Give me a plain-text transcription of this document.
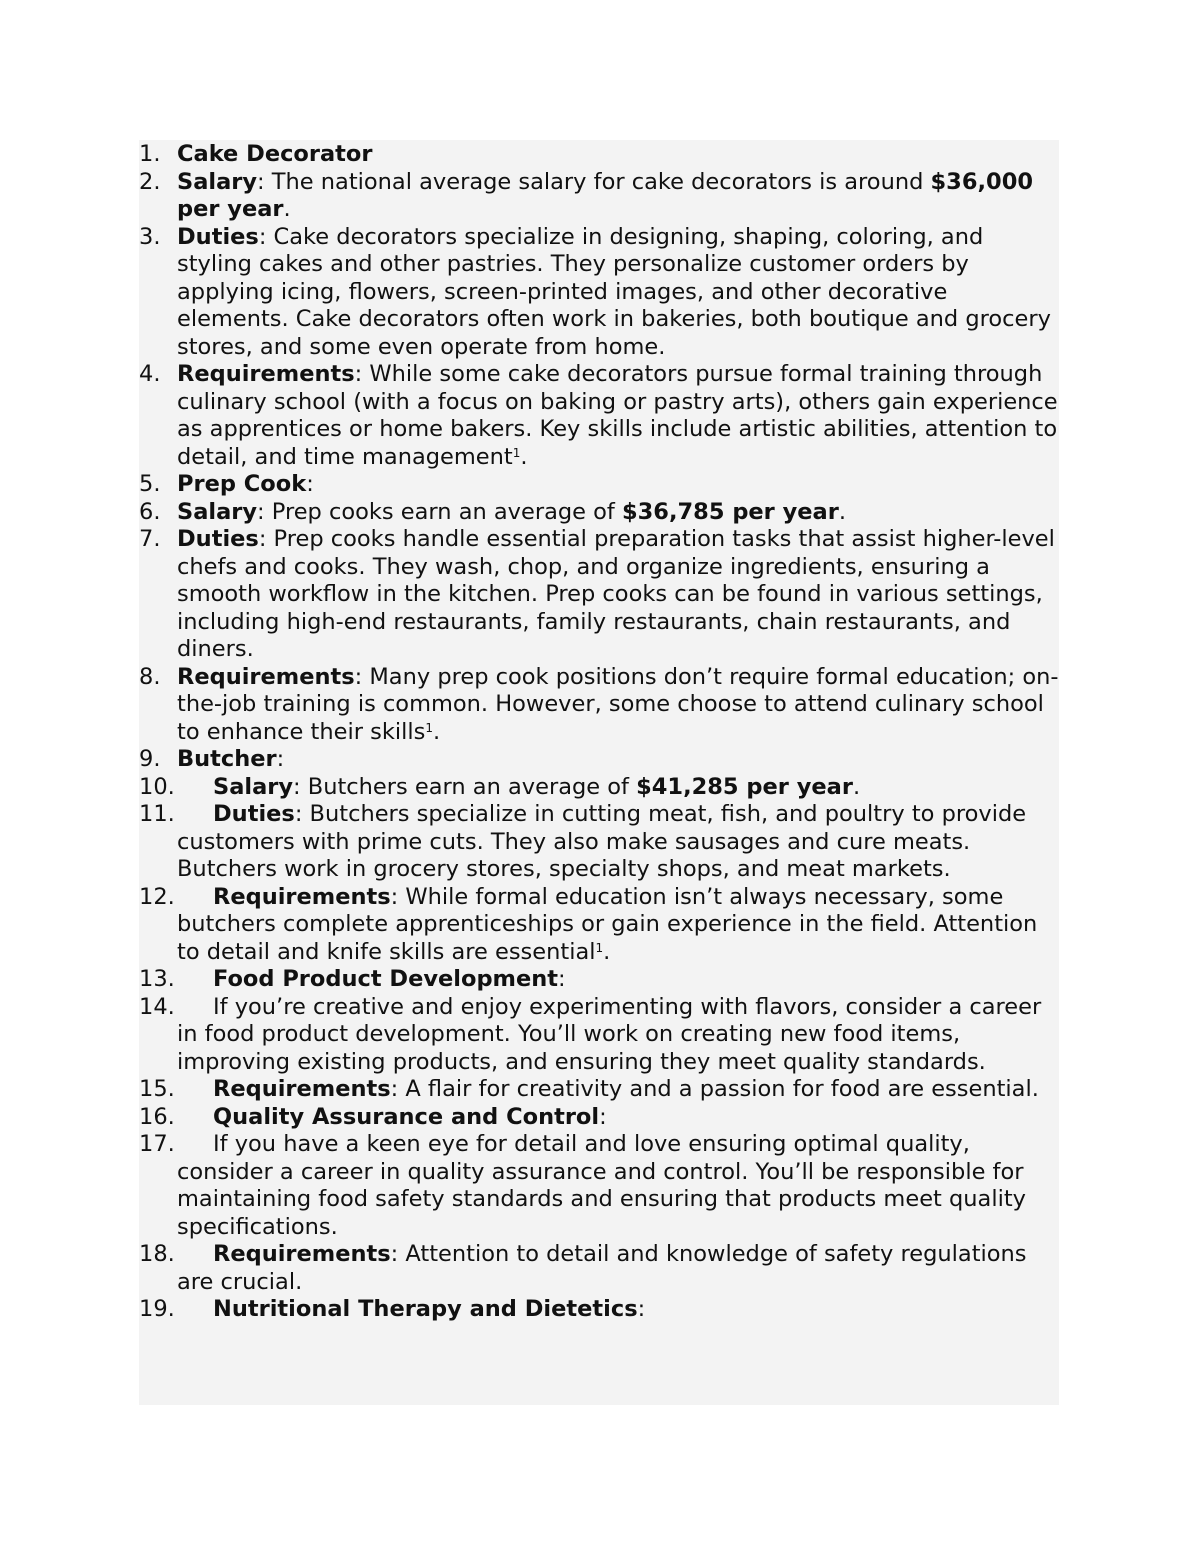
1. Cake Decorator
2. Salary: The national average salary for cake decorators is around $36,000 per year.
3. Duties: Cake decorators specialize in designing, shaping, coloring, and styling cakes and other pastries. They personalize customer orders by applying icing, flowers, screen-printed images, and other decorative elements. Cake decorators often work in bakeries, both boutique and grocery stores, and some even operate from home.
4. Requirements: While some cake decorators pursue formal training through culinary school (with a focus on baking or pastry arts), others gain experience as apprentices or home bakers. Key skills include artistic abilities, attention to detail, and time management$^1$.
5. Prep Cook:
6. Salary: Prep cooks earn an average of $36,785 per year.
7. Duties: Prep cooks handle essential preparation tasks that assist higher-level chefs and cooks. They wash, chop, and organize ingredients, ensuring a smooth workflow in the kitchen. Prep cooks can be found in various settings, including high-end restaurants, family restaurants, chain restaurants, and diners.
8. Requirements: Many prep cook positions don’t require formal education; on-the-job training is common. However, some choose to attend culinary school to enhance their skills$^1$.
9. Butcher:
10. Salary: Butchers earn an average of $41,285 per year.
11. Duties: Butchers specialize in cutting meat, fish, and poultry to provide customers with prime cuts. They also make sausages and cure meats. Butchers work in grocery stores, specialty shops, and meat markets.
12. Requirements: While formal education isn’t always necessary, some butchers complete apprenticeships or gain experience in the field. Attention to detail and knife skills are essential$^1$.
13. Food Product Development:
14. If you’re creative and enjoy experimenting with flavors, consider a career in food product development. You’ll work on creating new food items, improving existing products, and ensuring they meet quality standards.
15. Requirements: A flair for creativity and a passion for food are essential.
16. Quality Assurance and Control:
17. If you have a keen eye for detail and love ensuring optimal quality, consider a career in quality assurance and control. You’ll be responsible for maintaining food safety standards and ensuring that products meet quality specifications.
18. Requirements: Attention to detail and knowledge of safety regulations are crucial.
19. Nutritional Therapy and Dietetics:
